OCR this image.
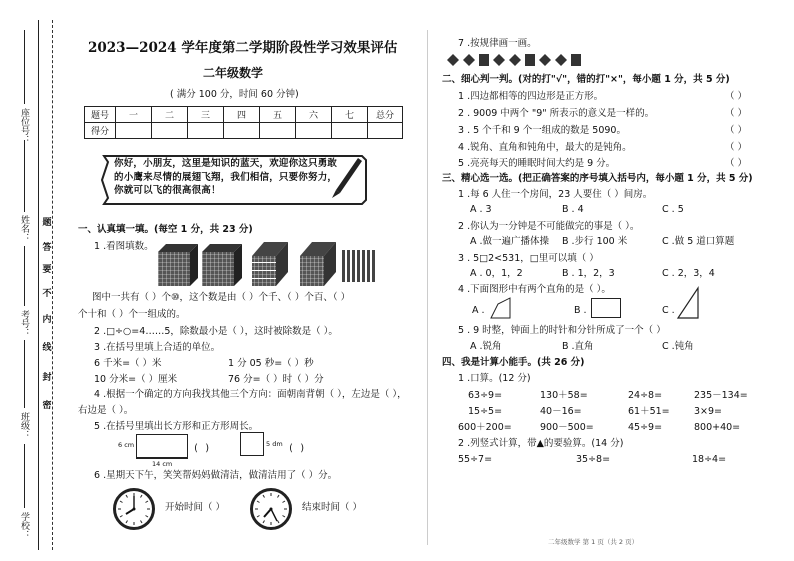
座位号：
姓名：
考号：
班级：
学校：
题
答
要
不
内
线
封
密
2023—2024 学年度第二学期阶段性学习效果评估
二年级数学
( 满分 100 分，时间 60 分钟)
题号	一	二	三	四	五	六	七	总分
得分								
你好，小朋友，这里是知识的蓝天，欢迎你这只勇敢的小鹰来尽情的展翅飞翔，我们相信，只要你努力，你就可以飞的很高很高！
一、认真填一填。(每空 1 分，共 23 分)
1 .看图填数。
图中一共有（ ）个⑩，这个数是由（ ）个千、（ ）个百、（ ）
个十和（ ）个一组成的。
2 .□÷○=4……5，除数最小是（ ），这时被除数是（ ）。
3 .在括号里填上合适的单位。
6 千米=（ ）米	1 分 05 秒=（ ）秒
10 分米=（ ）厘米	76 分=（ ）时（ ）分
4 .根据一个确定的方向我找其他三个方向：面朝南背朝（ ），左边是（ ），
右边是（ ）。
5 .在括号里填出长方形和正方形周长。
6 cm
14 cm
( )	5 dm ( )
6 .星期天下午，笑笑帮妈妈做清洁，做清洁用了（ ）分。
开始时间（ ）	结束时间（ ）
7 .按规律画一画。
二、细心判一判。(对的打"√"，错的打"×"，每小题 1 分，共 5 分)
1 .四边都相等的四边形是正方形。
2 . 9009 中两个 "9" 所表示的意义是一样的。
3 . 5 个千和 9 个一组成的数是 5090。
4 .锐角、直角和钝角中，最大的是钝角。
5 .亮亮每天的睡眠时间大约是 9 分。
（ ）
（ ）
（ ）
（ ）
（ ）
三、精心选一选。(把正确答案的序号填入括号内，每小题 1 分，共 5 分)
1 .每 6 人住一个房间，23 人要住（ ）间房。
A . 3	B . 4	C . 5
2 .你认为一分钟是不可能做完的事是（ ）。
A .做一遍广播体操 B .步行 100 米	C .做 5 道口算题
3 . 5□2<531，□里可以填（ ）
A . 0，1，2	B . 1，2，3	C . 2，3，4
4 .下面图形中有两个直角的是（ ）。
A .	B .	C .
5 . 9 时整，钟面上的时针和分针所成了一个（ ）
A .锐角	B .直角	C .钝角
四、我是计算小能手。(共 26 分)
1 .口算。(12 分)
63÷9=	130＋58=	24÷8=	235－134=
15÷5=	40－16=	61＋51=	3×9=
600＋200=	900－500=	45÷9=	800+40=
2 .列竖式计算，带▲的要验算。(14 分)
55÷7=	35÷8=	18÷4=
二年级数学 第 1 页（共 2 页）
